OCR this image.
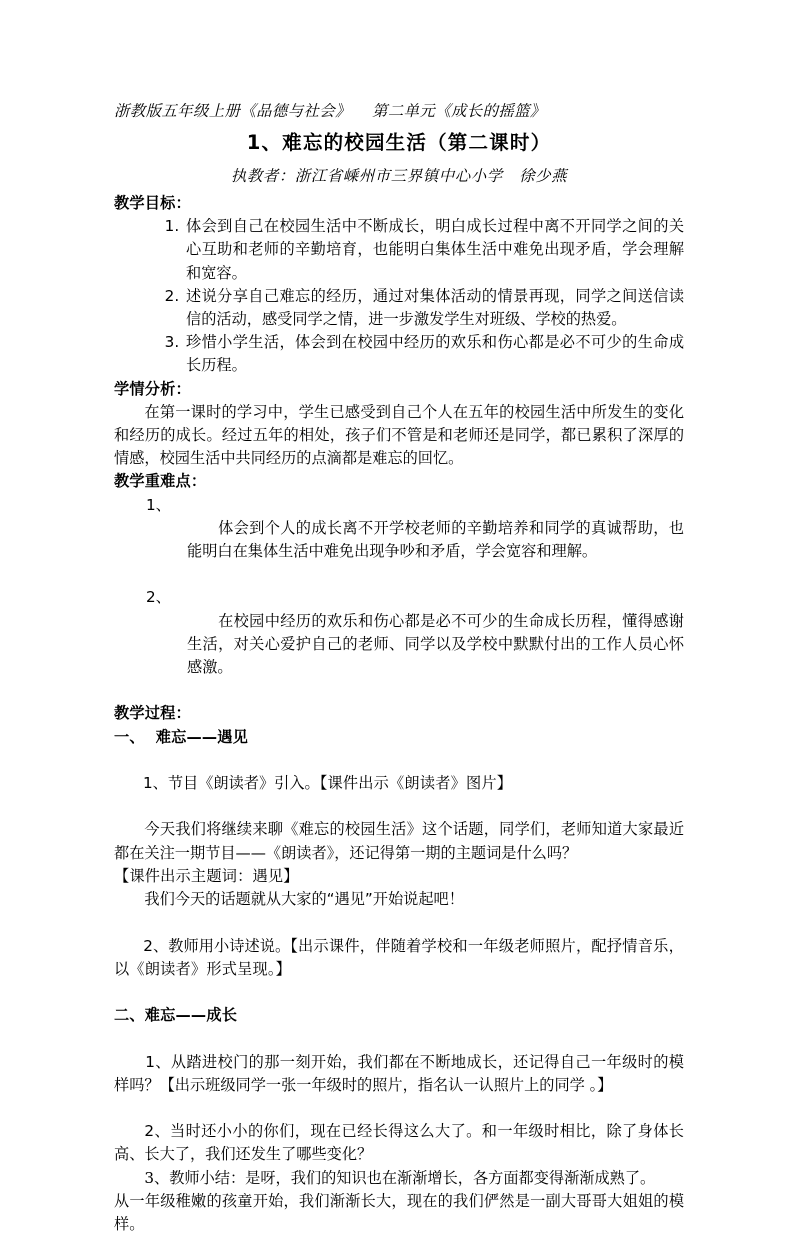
浙教版五年级上册《品德与社会》    第二单元《成长的摇篮》
1、难忘的校园生活（第二课时）
执教者：浙江省嵊州市三界镇中心小学   徐少燕
教学目标：
1. 体会到自己在校园生活中不断成长，明白成长过程中离不开同学之间的关心互助和老师的辛勤培育，也能明白集体生活中难免出现矛盾，学会理解和宽容。
2. 述说分享自己难忘的经历，通过对集体活动的情景再现，同学之间送信读信的活动，感受同学之情，进一步激发学生对班级、学校的热爱。
3. 珍惜小学生活，体会到在校园中经历的欢乐和伤心都是必不可少的生命成长历程。
学情分析：
在第一课时的学习中，学生已感受到自己个人在五年的校园生活中所发生的变化和经历的成长。经过五年的相处，孩子们不管是和老师还是同学，都已累积了深厚的情感，校园生活中共同经历的点滴都是难忘的回忆。
教学重难点：

1、
体会到个人的成长离不开学校老师的辛勤培养和同学的真诚帮助，也能明白在集体生活中难免出现争吵和矛盾，学会宽容和理解。

2、
在校园中经历的欢乐和伤心都是必不可少的生命成长历程，懂得感谢生活，对关心爱护自己的老师、同学以及学校中默默付出的工作人员心怀感激。

教学过程：
一、  难忘——遇见

1、节目《朗读者》引入。【课件出示《朗读者》图片】

今天我们将继续来聊《难忘的校园生活》这个话题，同学们，老师知道大家最近都在关注一期节目——《朗读者》，还记得第一期的主题词是什么吗？
【课件出示主题词：遇见】
我们今天的话题就从大家的“遇见”开始说起吧！

2、教师用小诗述说。【出示课件，伴随着学校和一年级老师照片，配抒情音乐，以《朗读者》形式呈现。】

二、难忘——成长

1、从踏进校门的那一刻开始，我们都在不断地成长，还记得自己一年级时的模样吗？【出示班级同学一张一年级时的照片，指名认一认照片上的同学 。】

2、当时还小小的你们，现在已经长得这么大了。和一年级时相比，除了身体长高、长大了，我们还发生了哪些变化？
3、教师小结：是呀，我们的知识也在渐渐增长，各方面都变得渐渐成熟了。
从一年级稚嫩的孩童开始，我们渐渐长大，现在的我们俨然是一副大哥哥大姐姐的模样。
